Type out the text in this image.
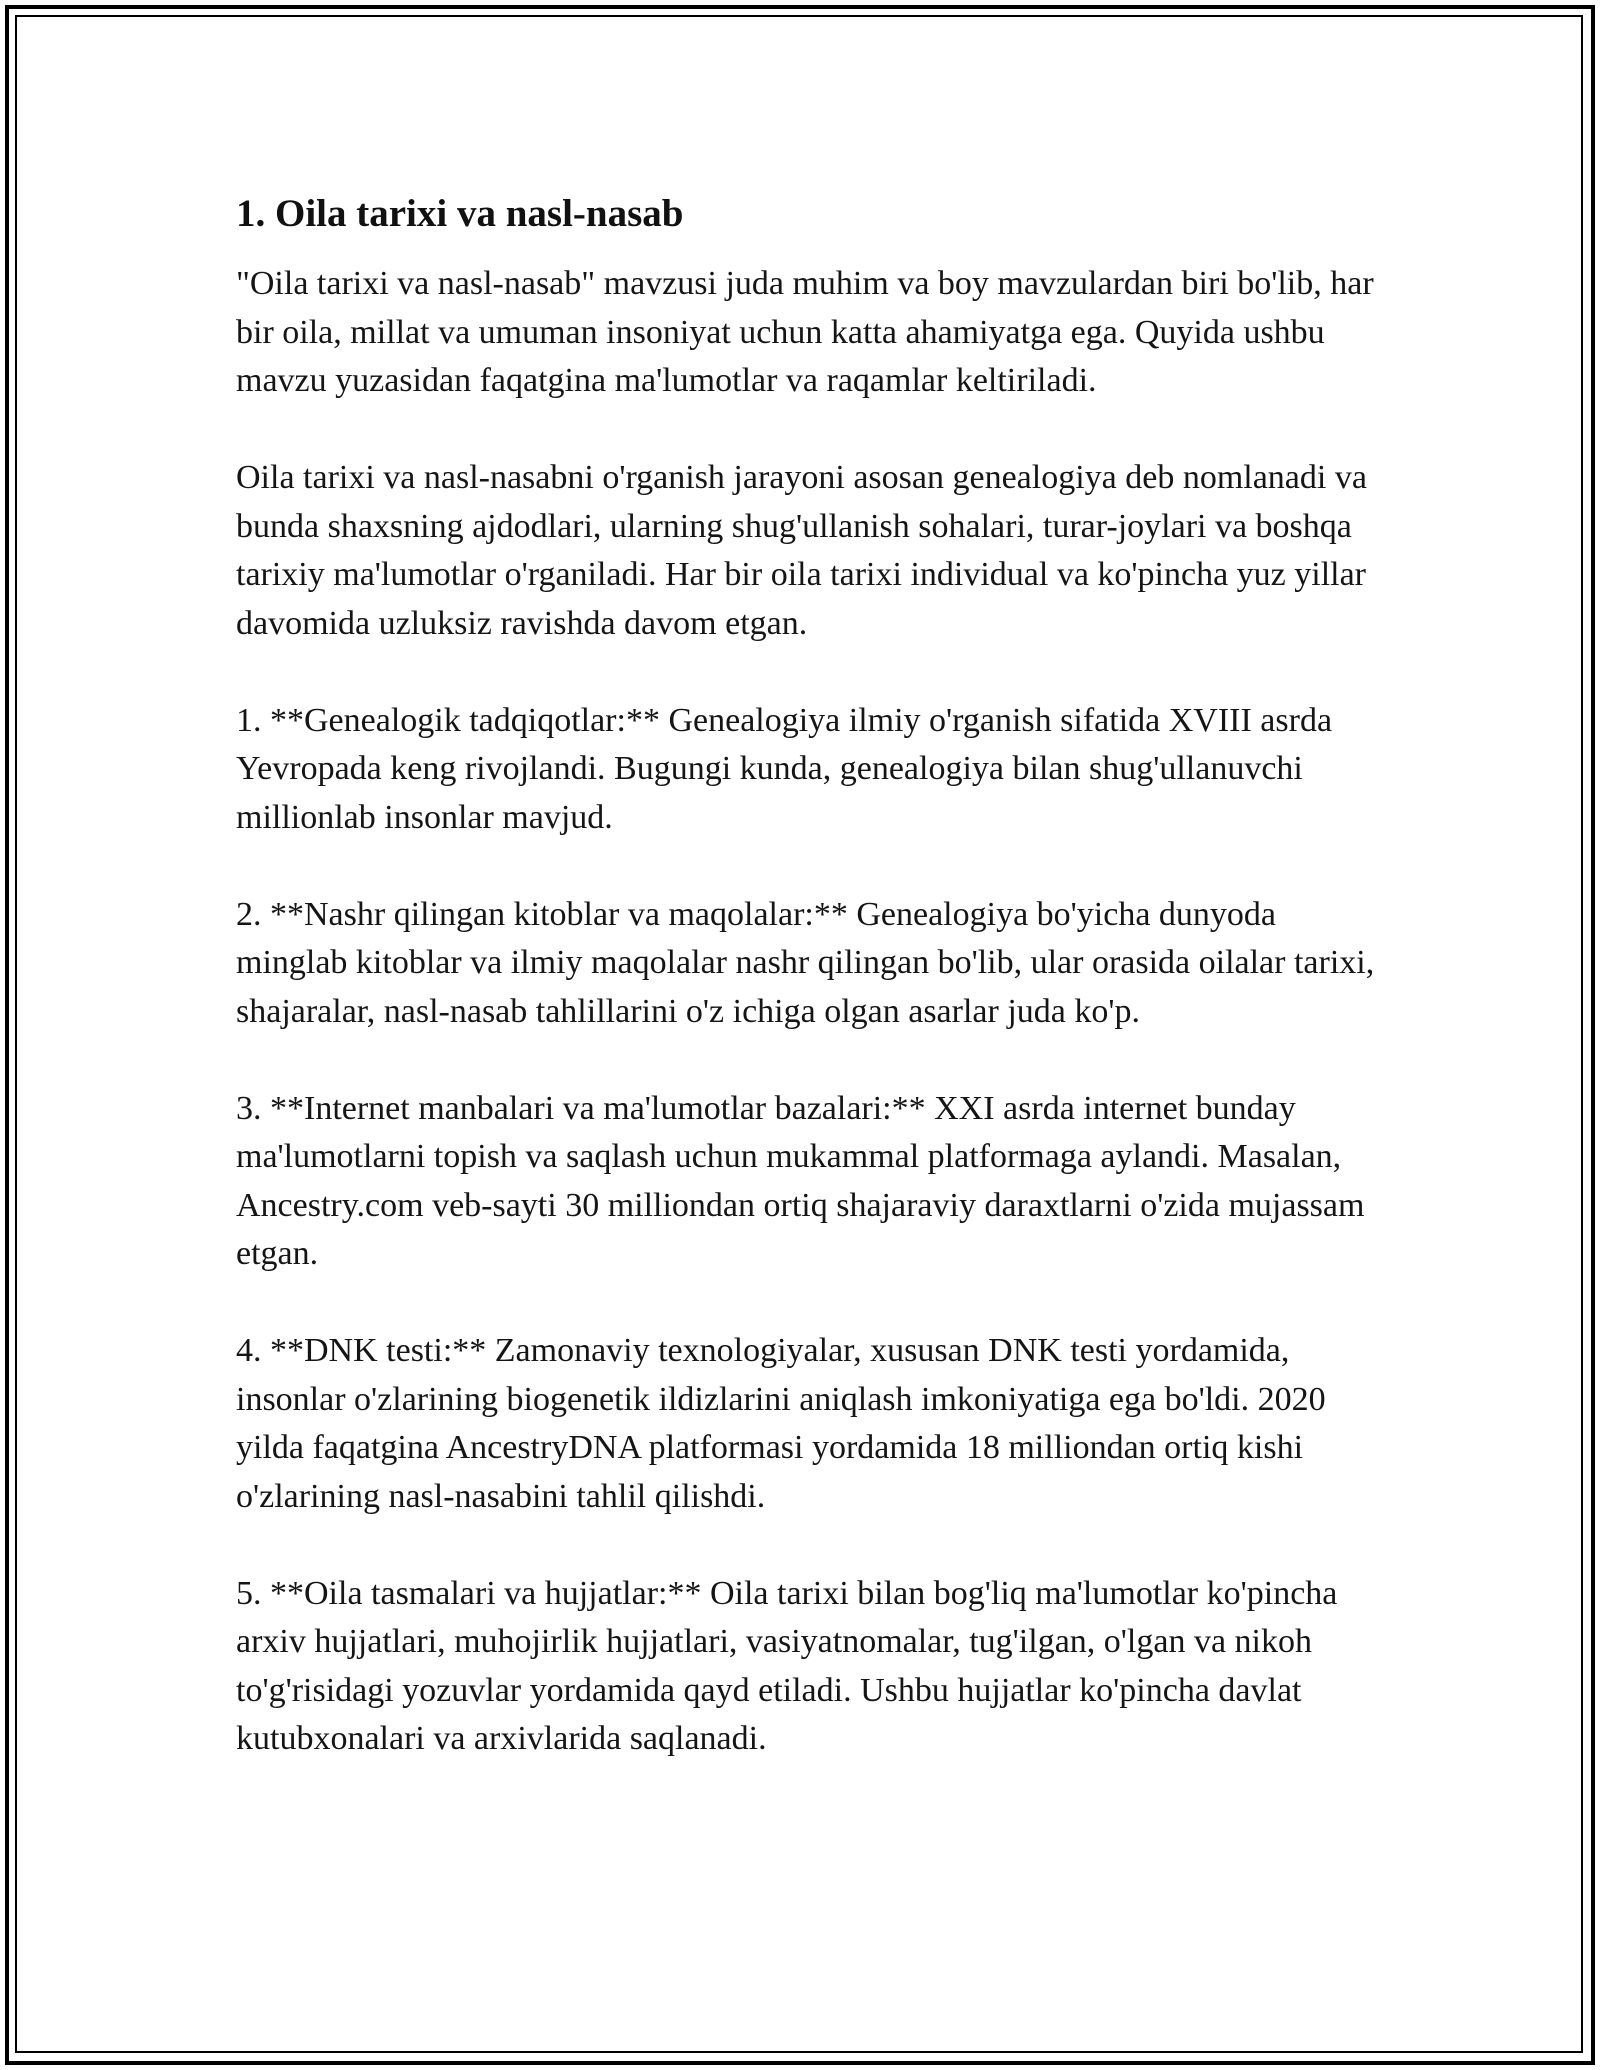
1. Oila tarixi va nasl-nasab

"Oila tarixi va nasl-nasab" mavzusi juda muhim va boy mavzulardan biri bo'lib, har bir oila, millat va umuman insoniyat uchun katta ahamiyatga ega. Quyida ushbu mavzu yuzasidan faqatgina ma'lumotlar va raqamlar keltiriladi.

Oila tarixi va nasl-nasabni o'rganish jarayoni asosan genealogiya deb nomlanadi va bunda shaxsning ajdodlari, ularning shug'ullanish sohalari, turar-joylari va boshqa tarixiy ma'lumotlar o'rganiladi. Har bir oila tarixi individual va ko'pincha yuz yillar davomida uzluksiz ravishda davom etgan.

1. **Genealogik tadqiqotlar:** Genealogiya ilmiy o'rganish sifatida XVIII asrda Yevropada keng rivojlandi. Bugungi kunda, genealogiya bilan shug'ullanuvchi millionlab insonlar mavjud.

2. **Nashr qilingan kitoblar va maqolalar:** Genealogiya bo'yicha dunyoda minglab kitoblar va ilmiy maqolalar nashr qilingan bo'lib, ular orasida oilalar tarixi, shajaralar, nasl-nasab tahlillarini o'z ichiga olgan asarlar juda ko'p.

3. **Internet manbalari va ma'lumotlar bazalari:** XXI asrda internet bunday ma'lumotlarni topish va saqlash uchun mukammal platformaga aylandi. Masalan, Ancestry.com veb-sayti 30 milliondan ortiq shajaraviy daraxtlarni o'zida mujassam etgan.

4. **DNK testi:** Zamonaviy texnologiyalar, xususan DNK testi yordamida, insonlar o'zlarining biogenetik ildizlarini aniqlash imkoniyatiga ega bo'ldi. 2020 yilda faqatgina AncestryDNA platformasi yordamida 18 milliondan ortiq kishi o'zlarining nasl-nasabini tahlil qilishdi.

5. **Oila tasmalari va hujjatlar:** Oila tarixi bilan bog'liq ma'lumotlar ko'pincha arxiv hujjatlari, muhojirlik hujjatlari, vasiyatnomalar, tug'ilgan, o'lgan va nikoh to'g'risidagi yozuvlar yordamida qayd etiladi. Ushbu hujjatlar ko'pincha davlat kutubxonalari va arxivlarida saqlanadi.
